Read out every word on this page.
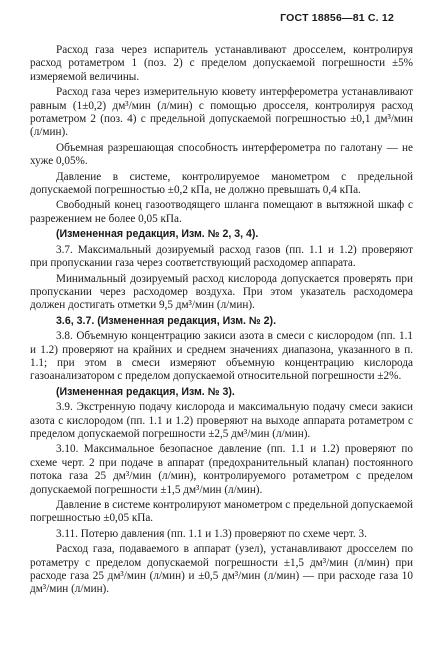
ГОСТ 18856—81 С. 12

Расход газа через испаритель устанавливают дросселем, контролируя расход ротаметром 1 (поз. 2) с пределом допускаемой погрешности ±5% измеряемой величины.

Расход газа через измерительную кювету интерферометра устанавливают равным (1±0,2) дм³/мин (л/мин) с помощью дросселя, контролируя расход ротаметром 2 (поз. 4) с предельной допускаемой погрешностью ±0,1 дм³/мин (л/мин).

Объемная разрешающая способность интерферометра по галотану — не хуже 0,05%.

Давление в системе, контролируемое манометром с предельной допускаемой погрешностью ±0,2 кПа, не должно превышать 0,4 кПа.

Свободный конец газоотводящего шланга помещают в вытяжной шкаф с разрежением не более 0,05 кПа.

(Измененная редакция, Изм. № 2, 3, 4).

3.7. Максимальный дозируемый расход газов (пп. 1.1 и 1.2) проверяют при пропускании газа через соответствующий расходомер аппарата.

Минимальный дозируемый расход кислорода допускается проверять при пропускании через расходомер воздуха. При этом указатель расходомера должен достигать отметки 9,5 дм³/мин (л/мин).

3.6, 3.7. (Измененная редакция, Изм. № 2).

3.8. Объемную концентрацию закиси азота в смеси с кислородом (пп. 1.1 и 1.2) проверяют на крайних и среднем значениях диапазона, указанного в п. 1.1; при этом в смеси измеряют объемную концентрацию кислорода газоанализатором с пределом допускаемой относительной погрешности ±2%.

(Измененная редакция, Изм. № 3).

3.9. Экстренную подачу кислорода и максимальную подачу смеси закиси азота с кислородом (пп. 1.1 и 1.2) проверяют на выходе аппарата ротаметром с пределом допускаемой погрешности ±2,5 дм³/мин (л/мин).

3.10. Максимальное безопасное давление (пп. 1.1 и 1.2) проверяют по схеме черт. 2 при подаче в аппарат (предохранительный клапан) постоянного потока газа 25 дм³/мин (л/мин), контролируемого ротаметром с пределом допускаемой погрешности ±1,5 дм³/мин (л/мин).

Давление в системе контролируют манометром с предельной допускаемой погрешностью ±0,05 кПа.

3.11. Потерю давления (пп. 1.1 и 1.3) проверяют по схеме черт. 3.

Расход газа, подаваемого в аппарат (узел), устанавливают дросселем по ротаметру с пределом допускаемой погрешности ±1,5 дм³/мин (л/мин) при расходе газа 25 дм³/мин (л/мин) и ±0,5 дм³/мин (л/мин) — при расходе газа 10 дм³/мин (л/мин).
